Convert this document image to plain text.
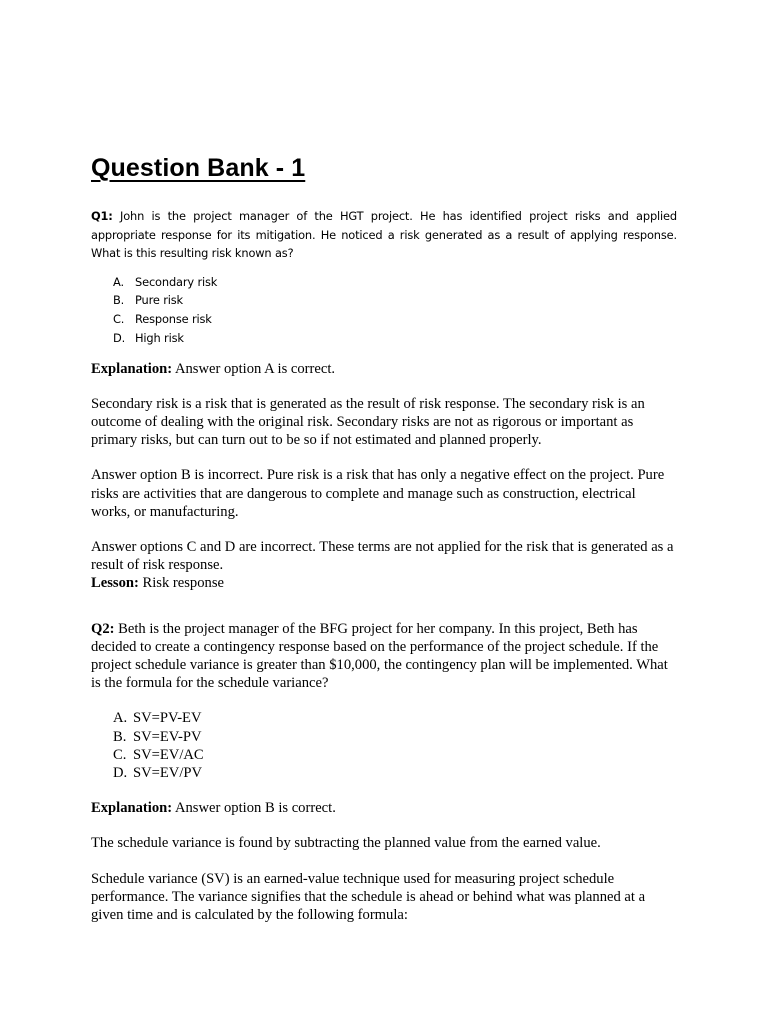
Question Bank - 1

Q1: John is the project manager of the HGT project. He has identified project risks and applied appropriate response for its mitigation. He noticed a risk generated as a result of applying response. What is this resulting risk known as?

A. Secondary risk
B. Pure risk
C. Response risk
D. High risk

Explanation: Answer option A is correct.

Secondary risk is a risk that is generated as the result of risk response. The secondary risk is an outcome of dealing with the original risk. Secondary risks are not as rigorous or important as primary risks, but can turn out to be so if not estimated and planned properly.

Answer option B is incorrect. Pure risk is a risk that has only a negative effect on the project. Pure risks are activities that are dangerous to complete and manage such as construction, electrical works, or manufacturing.

Answer options C and D are incorrect. These terms are not applied for the risk that is generated as a result of risk response.

Lesson: Risk response

Q2: Beth is the project manager of the BFG project for her company. In this project, Beth has decided to create a contingency response based on the performance of the project schedule. If the project schedule variance is greater than $10,000, the contingency plan will be implemented. What is the formula for the schedule variance?

A. SV=PV-EV
B. SV=EV-PV
C. SV=EV/AC
D. SV=EV/PV

Explanation: Answer option B is correct.

The schedule variance is found by subtracting the planned value from the earned value.

Schedule variance (SV) is an earned-value technique used for measuring project schedule performance. The variance signifies that the schedule is ahead or behind what was planned at a given time and is calculated by the following formula:
